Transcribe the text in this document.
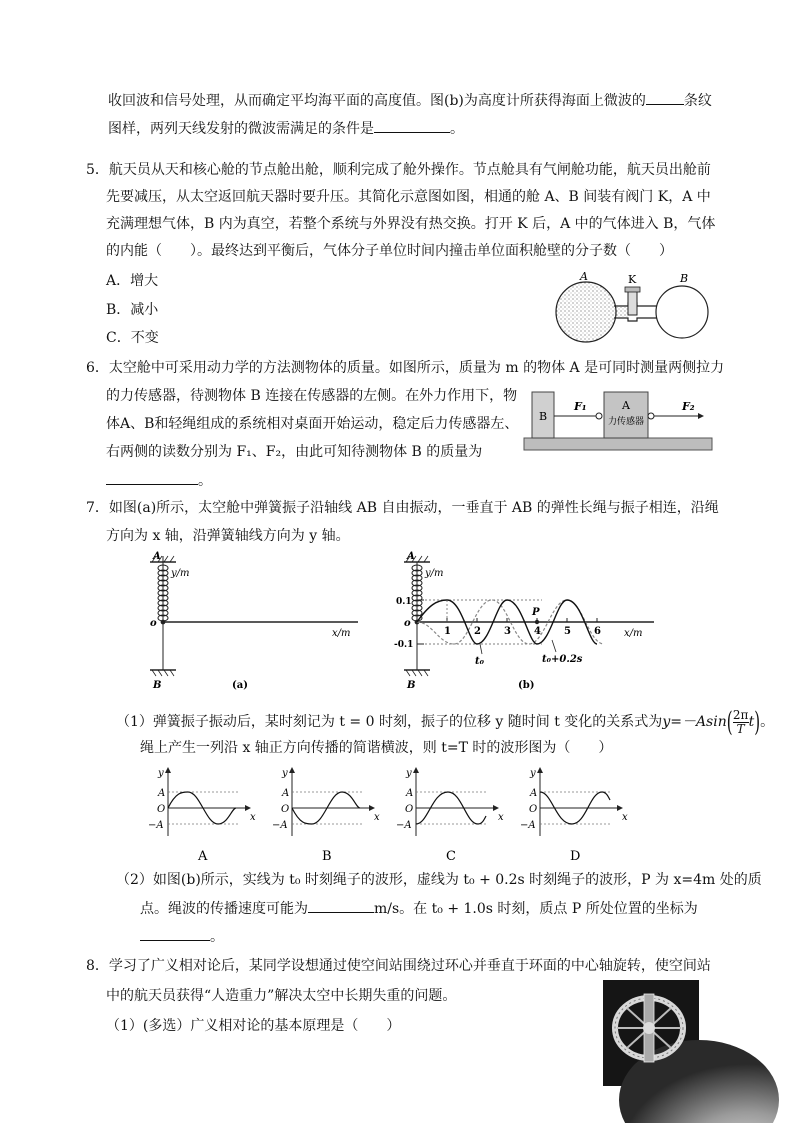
收回波和信号处理，从而确定平均海平面的高度值。图(b)为高度计所获得海面上微波的	条纹
图样，两列天线发射的微波需满足的条件是	。
5．航天员从天和核心舱的节点舱出舱，顺利完成了舱外操作。节点舱具有气闸舱功能，航天员出舱前
先要减压，从太空返回航天器时要升压。其简化示意图如图，相通的舱 A、B 间装有阀门 K，A 中
充满理想气体，B 内为真空，若整个系统与外界没有热交换。打开 K 后，A 中的气体进入 B，气体
的内能（　　）。最终达到平衡后，气体分子单位时间内撞击单位面积舱壁的分子数（　　）
A．增大
B．减小
C．不变
A	K	B
6．太空舱中可采用动力学的方法测物体的质量。如图所示，质量为 m 的物体 A 是可同时测量两侧拉力
的力传感器，待测物体 B 连接在传感器的左侧。在外力作用下，物
体A、B和轻绳组成的系统相对桌面开始运动，稳定后力传感器左、
右两侧的读数分别为 F₁、F₂，由此可知待测物体 B 的质量为
。
B
F₁	A
力传感器
F₂
7．如图(a)所示，太空舱中弹簧振子沿轴线 AB 自由振动，一垂直于 AB 的弹性长绳与振子相连，沿绳
方向为 x 轴，沿弹簧轴线方向为 y 轴。
A
y/m
B
o
x/m
(a)
A
y/m
B
o
x/m
0.1
-0.1
1 2 3 4 5 6
P
t₀	t₀+0.2s
(b)
（1）弹簧振子振动后，某时刻记为 t = 0 时刻，振子的位移 y 随时间 t 变化的关系式为$y=-Asin( \frac{2\pi}{T} t)$。
绳上产生一列沿 x 轴正方向传播的简谐横波，则 t=T 时的波形图为（　　）
y
A
O
−A
x
A
y
A
O
−A
x
B
y
A
O
−A
x
C
y
A
O
−A
x
D
（2）如图(b)所示，实线为 t₀ 时刻绳子的波形，虚线为 t₀ + 0.2s 时刻绳子的波形，P 为 x=4m 处的质
点。绳波的传播速度可能为	m/s。在 t₀ + 1.0s 时刻，质点 P 所处位置的坐标为
。
8．学习了广义相对论后，某同学设想通过使空间站围绕过环心并垂直于环面的中心轴旋转，使空间站
中的航天员获得“人造重力”解决太空中长期失重的问题。
（1）(多选）广义相对论的基本原理是（　　）
